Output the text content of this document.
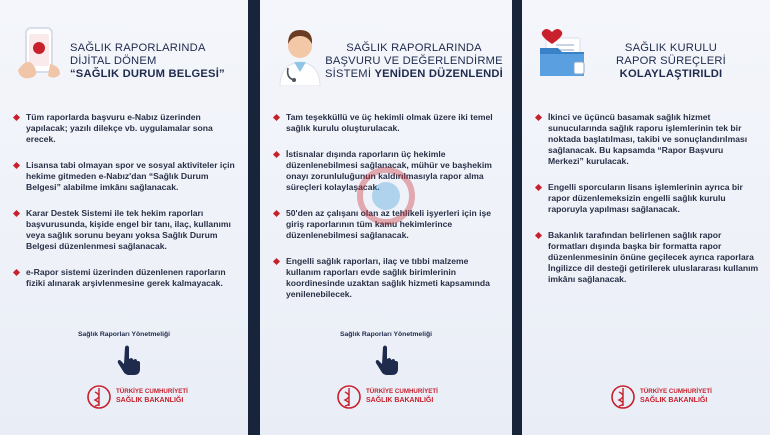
SAĞLIK RAPORLARINDA
DİJİTAL DÖNEM
“SAĞLIK DURUM BELGESİ”
Tüm raporlarda başvuru e-Nabız üzerinden yapılacak; yazılı dilekçe vb. uygulamalar sona erecek.
Lisansa tabi olmayan spor ve sosyal aktiviteler için hekime gitmeden e-Nabız'dan “Sağlık Durum Belgesi” alabilme imkânı sağlanacak.
Karar Destek Sistemi ile tek hekim raporları başvurusunda, kişide engel bir tanı, ilaç, kullanımı veya sağlık sorunu beyanı yoksa Sağlık Durum Belgesi düzenlenmesi sağlanacak.
e-Rapor sistemi üzerinden düzenlenen raporların fiziki alınarak arşivlenmesine gerek kalmayacak.
Sağlık Raporları Yönetmeliği
TÜRKİYE CUMHURİYETİ
SAĞLIK BAKANLIĞI
SAĞLIK RAPORLARINDA
BAŞVURU VE DEĞERLENDİRME
SİSTEMİ YENİDEN DÜZENLENDİ
Tam teşekküllü ve üç hekimli olmak üzere iki temel sağlık kurulu oluşturulacak.
İstisnalar dışında raporların üç hekimle düzenlenebilmesi sağlanacak, mühür ve başhekim onayı zorunluluğunun kaldırılmasıyla rapor alma süreçleri kolaylaşacak.
50'den az çalışanı olan az tehlikeli işyerleri için işe giriş raporlarının tüm kamu hekimlerince düzenlenebilmesi sağlanacak.
Engelli sağlık raporları, ilaç ve tıbbi malzeme kullanım raporları evde sağlık birimlerinin koordinesinde uzaktan sağlık hizmeti kapsamında yenilenebilecek.
Sağlık Raporları Yönetmeliği
TÜRKİYE CUMHURİYETİ
SAĞLIK BAKANLIĞI
SAĞLIK KURULU
RAPOR SÜREÇLERİ
KOLAYLAŞTIRILDI
İkinci ve üçüncü basamak sağlık hizmet sunucularında sağlık raporu işlemlerinin tek bir noktada başlatılması, takibi ve sonuçlandırılması sağlanacak. Bu kapsamda “Rapor Başvuru Merkezi” kurulacak.
Engelli sporcuların lisans işlemlerinin ayrıca bir rapor düzenlemeksizin engelli sağlık kurulu raporuyla yapılması sağlanacak.
Bakanlık tarafından belirlenen sağlık rapor formatları dışında başka bir formatta rapor düzenlenmesinin önüne geçilecek ayrıca raporlara İngilizce dil desteği getirilerek uluslararası kullanım imkânı sağlanacak.
TÜRKİYE CUMHURİYETİ
SAĞLIK BAKANLIĞI
